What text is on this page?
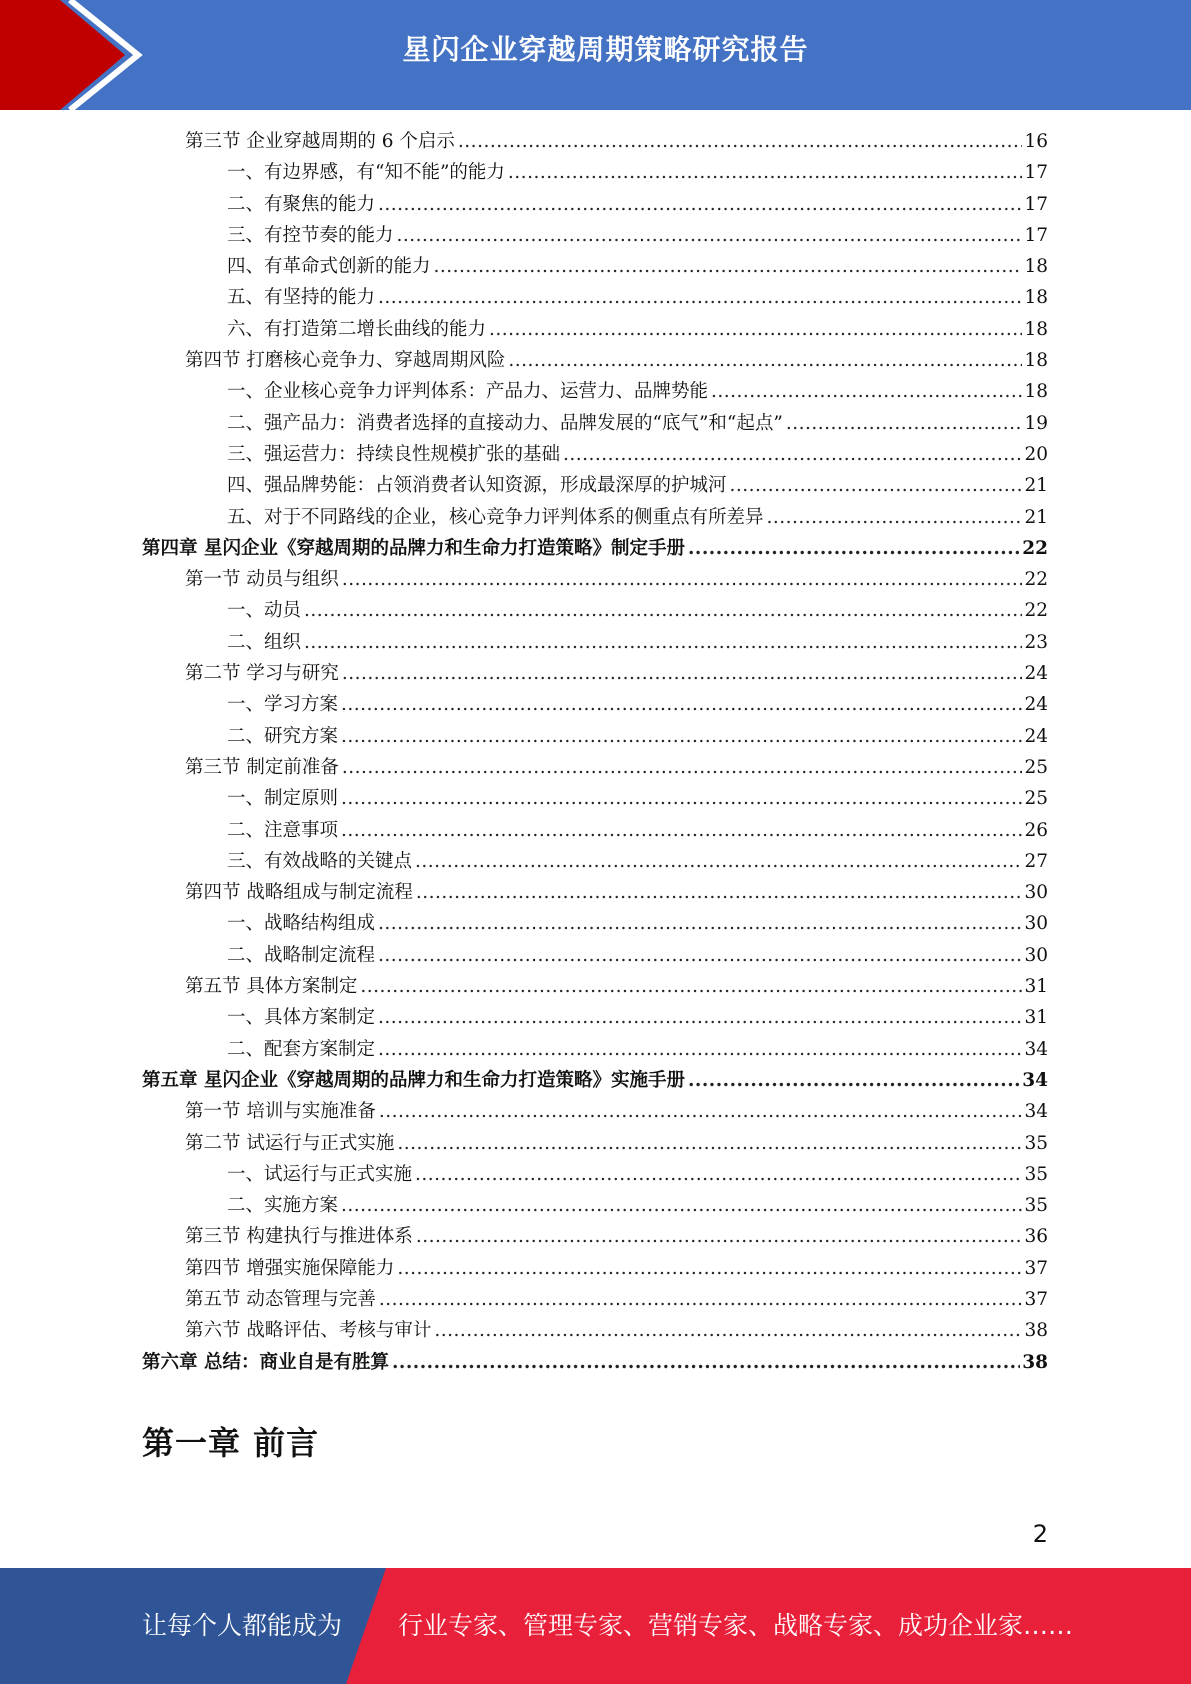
星闪企业穿越周期策略研究报告
第三节 企业穿越周期的 6 个启示 .....	16
一、有边界感，有“知不能”的能力 .....	17
二、有聚焦的能力 .....	17
三、有控节奏的能力 .....	17
四、有革命式创新的能力 .....	18
五、有坚持的能力 .....	18
六、有打造第二增长曲线的能力 .....	18
第四节 打磨核心竞争力、穿越周期风险 .....	18
一、企业核心竞争力评判体系：产品力、运营力、品牌势能 .....	18
二、强产品力：消费者选择的直接动力、品牌发展的“底气”和“起点” .....	19
三、强运营力：持续良性规模扩张的基础 .....	20
四、强品牌势能：占领消费者认知资源，形成最深厚的护城河 .....	21
五、对于不同路线的企业，核心竞争力评判体系的侧重点有所差异 .....	21
第四章 星闪企业《穿越周期的品牌力和生命力打造策略》制定手册 .....	22
第一节 动员与组织 .....	22
一、动员 .....	22
二、组织 .....	23
第二节 学习与研究 .....	24
一、学习方案 .....	24
二、研究方案 .....	24
第三节 制定前准备 .....	25
一、制定原则 .....	25
二、注意事项 .....	26
三、有效战略的关键点 .....	27
第四节 战略组成与制定流程 .....	30
一、战略结构组成 .....	30
二、战略制定流程 .....	30
第五节 具体方案制定 .....	31
一、具体方案制定 .....	31
二、配套方案制定 .....	34
第五章 星闪企业《穿越周期的品牌力和生命力打造策略》实施手册 .....	34
第一节 培训与实施准备 .....	34
第二节 试运行与正式实施 .....	35
一、试运行与正式实施 .....	35
二、实施方案 .....	35
第三节 构建执行与推进体系 .....	36
第四节 增强实施保障能力 .....	37
第五节 动态管理与完善 .....	37
第六节 战略评估、考核与审计 .....	38
第六章 总结：商业自是有胜算 .....	38
第一章 前言
2
让每个人都能成为 行业专家、管理专家、营销专家、战略专家、成功企业家……
